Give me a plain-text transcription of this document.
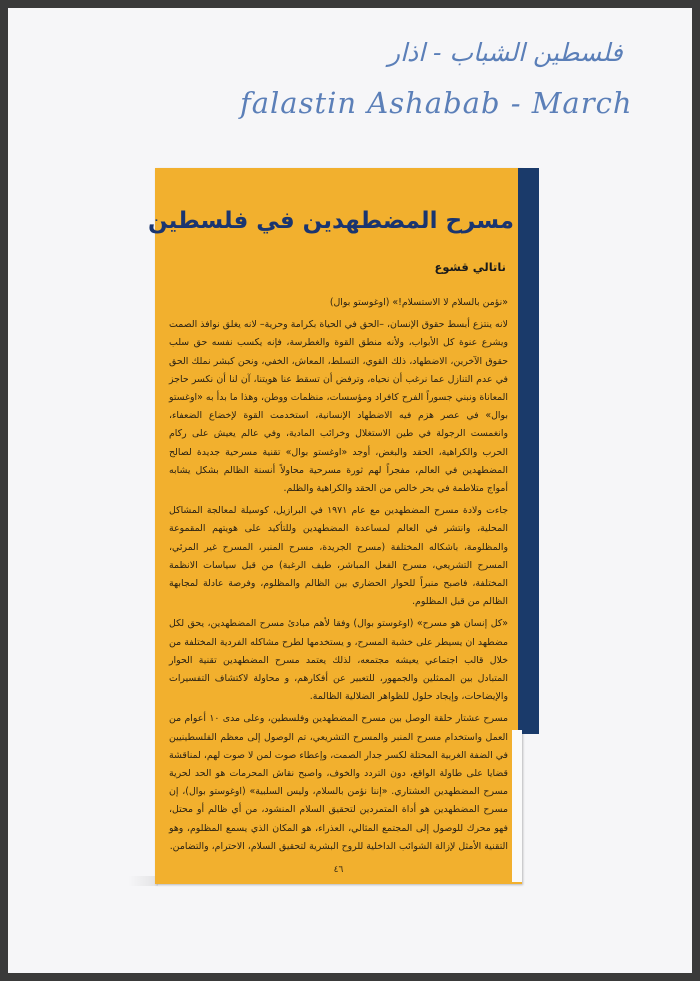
فلسطين الشباب - اذار
falastin Ashabab - March
مسرح المضطهدين في فلسطين
ناتالي قشوع

«نؤمن بالسلام لا الاستسلام!» (اوغوستو بوال)

لانه ينتزع أبسط حقوق الإنسان، –الحق في الحياة بكرامة وحرية– لانه يغلق نوافذ الصمت ويشرع عنوة كل الأبواب، ولأنه منطق القوة والغطرسة، فإنه يكسب نفسه حق سلب حقوق الآخرين، الاضطهاد، ذلك القوي، التسلط، المعاش، الخفي، ونحن كبشر نملك الحق في عدم التنازل عما نرغب أن نحياه، وترفض أن تسقط عنا هويتنا، آن لنا أن نكسر حاجز المعاناة ونبني جسوراً الفرح كافراد ومؤسسات، منظمات ووطن، وهذا ما بدأ به «اوغستو بوال» في عصر هزم فيه الاضطهاد الإنسانية، استخدمت القوة لإخضاع الضعفاء، وانغمست الرجولة في طين الاستغلال وخرائب المادية، وفي عالم يعيش على ركام الحرب والكراهية، الحقد والبغض، أوجد «اوغستو بوال» تقنية مسرحية جديدة لصالح المضطهدين في العالم، مفجراً لهم ثورة مسرحية محاولاً أنسنة الظالم بشكل يشابه أمواج متلاطمة في بحر خالص من الحقد والكراهية والظلم.

جاءت ولادة مسرح المضطهدين مع عام ١٩٧١ في البرازيل، كوسيلة لمعالجة المشاكل المحلية، وانتشر في العالم لمساعدة المضطهدين وللتأكيد على هويتهم المقموعة والمظلومة، باشكاله المختلفة (مسرح الجريدة، مسرح المنبر، المسرح غير المرئي، المسرح التشريعي، مسرح الفعل المباشر، طيف الرغبة) من قبل سياسات الانظمة المختلفة، فاصبح منبراً للحوار الحضاري بين الظالم والمظلوم، وفرصة عادلة لمجابهة الظالم من قبل المظلوم.

«كل إنسان هو مسرح» (اوغوستو بوال) وفقا لأهم مبادئ مسرح المضطهدين، يحق لكل مضطهد ان يسيطر على خشبة المسرح، و يستخدمها لطرح مشاكله الفردية المختلفة من خلال قالب اجتماعي يعيشه مجتمعه، لذلك يعتمد مسرح المضطهدين تقنية الحوار المتبادل بين الممثلين والجمهور، للتعبير عن أفكارهم، و محاولة لاكتشاف التفسيرات والإيضاحات، وإيجاد حلول للظواهر الضلالية الظالمة.

مسرح عشتار حلقة الوصل بين مسرح المضطهدين وفلسطين، وعلى مدى ١٠ أعوام من العمل واستخدام مسرح المنبر والمسرح التشريعي، تم الوصول إلى معظم الفلسطينيين في الضفة الغربية المحتلة لكسر جدار الصمت، وإعطاء صوت لمن لا صوت لهم، لمناقشة قضايا على طاولة الواقع، دون التردد والخوف، واصبح نقاش المحرمات هو الحد لحرية مسرح المضطهدين العشتاري. «إننا نؤمن بالسلام، وليس السلبية» (اوغوستو بوال)، إن مسرح المضطهدين هو أداة المتمردين لتحقيق السلام المنشود، من أي ظالم أو محتل، فهو محرك للوصول إلى المجتمع المثالي، العذراء، هو المكان الذي يسمع المظلوم، وهو التقنية الأمثل لإزالة الشوائب الداخلية للروح البشرية لتحقيق السلام، الاحترام، والتضامن.

٤٦
